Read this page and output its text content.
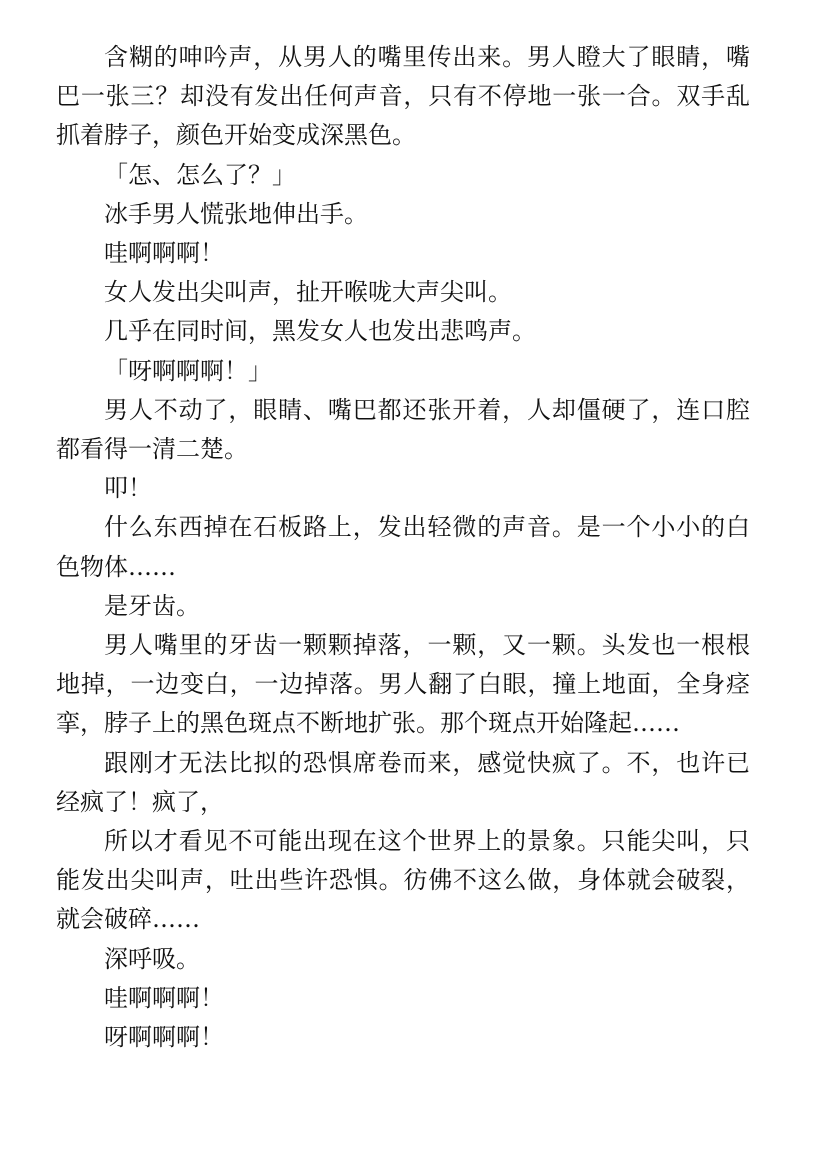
含糊的呻吟声，从男人的嘴里传出来。男人瞪大了眼睛，嘴巴一张三？却没有发出任何声音，只有不停地一张一合。双手乱抓着脖子，颜色开始变成深黑色。

「怎、怎么了？」

冰手男人慌张地伸出手。

哇啊啊啊！

女人发出尖叫声，扯开喉咙大声尖叫。

几乎在同时间，黑发女人也发出悲鸣声。

「呀啊啊啊！」

男人不动了，眼睛、嘴巴都还张开着，人却僵硬了，连口腔都看得一清二楚。

叩！

什么东西掉在石板路上，发出轻微的声音。是一个小小的白色物体……

是牙齿。

男人嘴里的牙齿一颗颗掉落，一颗，又一颗。头发也一根根地掉，一边变白，一边掉落。男人翻了白眼，撞上地面，全身痉挛，脖子上的黑色斑点不断地扩张。那个斑点开始隆起……

跟刚才无法比拟的恐惧席卷而来，感觉快疯了。不，也许已经疯了！疯了，

所以才看见不可能出现在这个世界上的景象。只能尖叫，只能发出尖叫声，吐出些许恐惧。彷佛不这么做，身体就会破裂，就会破碎……

深呼吸。

哇啊啊啊！

呀啊啊啊！
